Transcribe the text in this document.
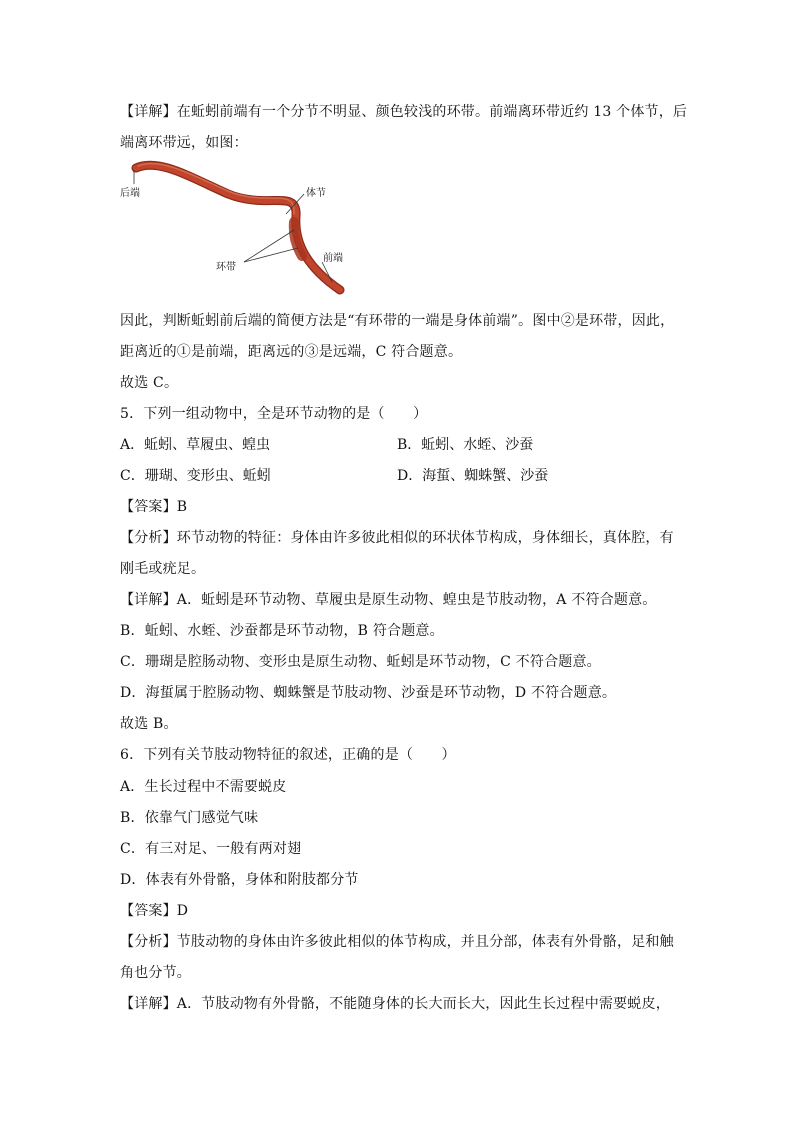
【详解】在蚯蚓前端有一个分节不明显、颜色较浅的环带。前端离环带近约 13 个体节，后
端离环带远，如图：
后端	体节
环带
前端
因此，判断蚯蚓前后端的简便方法是“有环带的一端是身体前端”。图中②是环带，因此，
距离近的①是前端，距离远的③是远端，C 符合题意。
故选 C。
5．下列一组动物中，全是环节动物的是（　　）
A．蚯蚓、草履虫、蝗虫	B．蚯蚓、水蛭、沙蚕
C．珊瑚、变形虫、蚯蚓	D．海蜇、蜘蛛蟹、沙蚕
【答案】B
【分析】环节动物的特征：身体由许多彼此相似的环状体节构成，身体细长，真体腔，有
刚毛或疣足。
【详解】A．蚯蚓是环节动物、草履虫是原生动物、蝗虫是节肢动物，A 不符合题意。
B．蚯蚓、水蛭、沙蚕都是环节动物，B 符合题意。
C．珊瑚是腔肠动物、变形虫是原生动物、蚯蚓是环节动物，C 不符合题意。
D．海蜇属于腔肠动物、蜘蛛蟹是节肢动物、沙蚕是环节动物，D 不符合题意。
故选 B。
6．下列有关节肢动物特征的叙述，正确的是（　　）
A．生长过程中不需要蜕皮
B．依靠气门感觉气味
C．有三对足、一般有两对翅
D．体表有外骨骼，身体和附肢都分节
【答案】D
【分析】节肢动物的身体由许多彼此相似的体节构成，并且分部，体表有外骨骼，足和触
角也分节。
【详解】A．节肢动物有外骨骼，不能随身体的长大而长大，因此生长过程中需要蜕皮，
